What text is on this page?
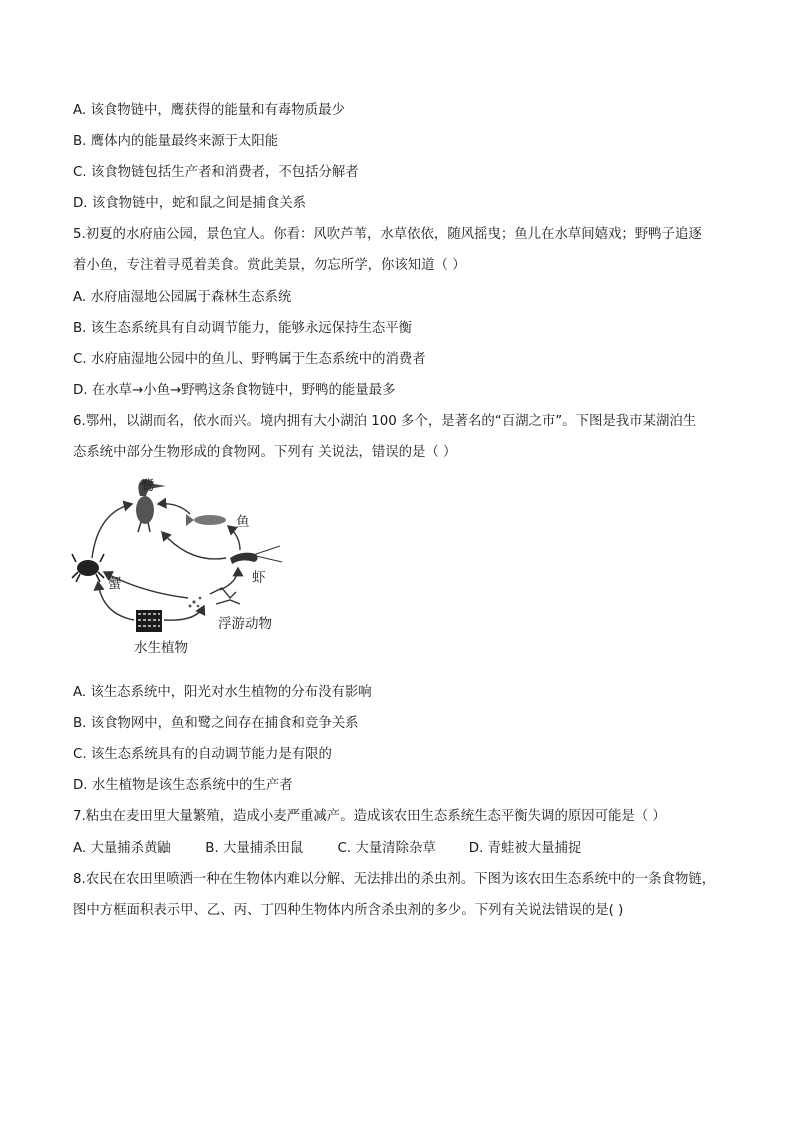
A. 该食物链中，鹰获得的能量和有毒物质最少
B. 鹰体内的能量最终来源于太阳能
C. 该食物链包括生产者和消费者，不包括分解者
D. 该食物链中，蛇和鼠之间是捕食关系
5.初夏的水府庙公园，景色宜人。你看：风吹芦苇，水草依依，随风摇曳；鱼儿在水草间嬉戏；野鸭子追逐
着小鱼，专注着寻觅着美食。赏此美景，勿忘所学，你该知道（ ）
A. 水府庙湿地公园属于森林生态系统
B. 该生态系统具有自动调节能力，能够永远保持生态平衡
C. 水府庙湿地公园中的鱼儿、野鸭属于生态系统中的消费者
D. 在水草→小鱼→野鸭这条食物链中，野鸭的能量最多
6.鄂州，以湖而名，依水而兴。境内拥有大小湖泊 100 多个，是著名的“百湖之市”。下图是我市某湖泊生
态系统中部分生物形成的食物网。下列有 关说法，错误的是（ ）
鹭
鱼
虾
蟹
浮游动物
水生植物
A. 该生态系统中，阳光对水生植物的分布没有影响
B. 该食物网中，鱼和鹭之间存在捕食和竞争关系
C. 该生态系统具有的自动调节能力是有限的
D. 水生植物是该生态系统中的生产者
7.粘虫在麦田里大量繁殖，造成小麦严重减产。造成该农田生态系统生态平衡失调的原因可能是（ ）
A. 大量捕杀黄鼬	B. 大量捕杀田鼠	C. 大量清除杂草 D. 青蛙被大量捕捉
8.农民在农田里喷洒一种在生物体内难以分解、无法排出的杀虫剂。下图为该农田生态系统中的一条食物链，
图中方框面积表示甲、乙、丙、丁四种生物体内所含杀虫剂的多少。下列有关说法错误的是( )
